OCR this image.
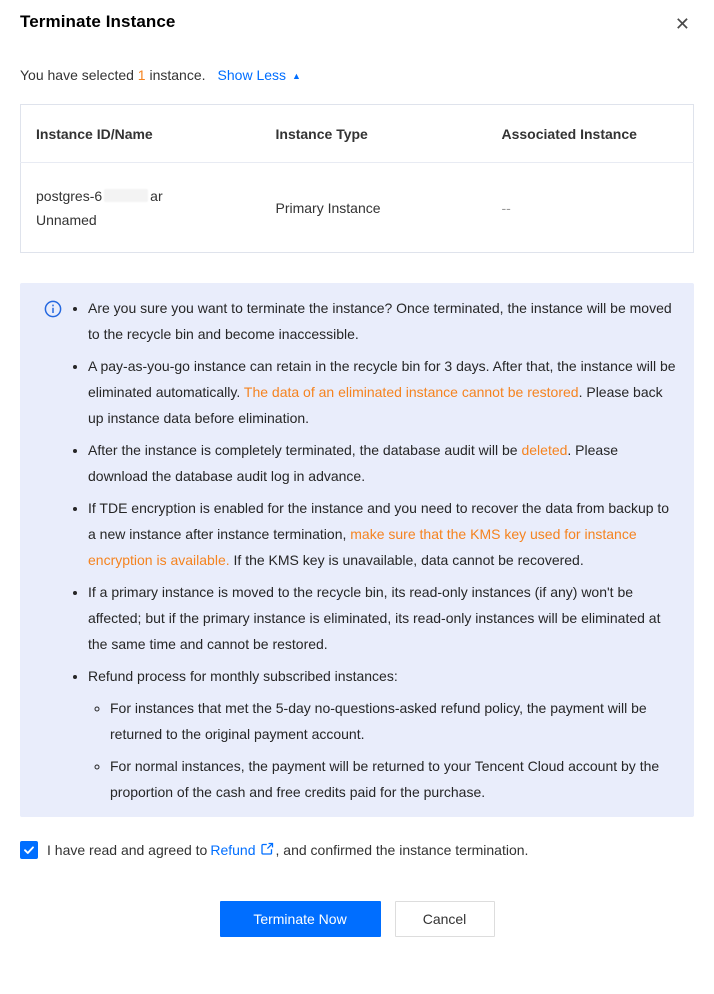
Terminate Instance	✕
You have selected 1 instance. Show Less ▲
Instance ID/Name	Instance Type	Associated Instance
postgres-6 ar
Unnamed	Primary Instance	--
• Are you sure you want to terminate the instance? Once terminated, the instance will be moved to the recycle bin and become inaccessible.
• A pay-as-you-go instance can retain in the recycle bin for 3 days. After that, the instance will be eliminated automatically. The data of an eliminated instance cannot be restored. Please back up instance data before elimination.
• After the instance is completely terminated, the database audit will be deleted. Please download the database audit log in advance.
• If TDE encryption is enabled for the instance and you need to recover the data from backup to a new instance after instance termination, make sure that the KMS key used for instance encryption is available. If the KMS key is unavailable, data cannot be recovered.
• If a primary instance is moved to the recycle bin, its read-only instances (if any) won't be affected; but if the primary instance is eliminated, its read-only instances will be eliminated at the same time and cannot be restored.
• Refund process for monthly subscribed instances:
◦ For instances that met the 5-day no-questions-asked refund policy, the payment will be returned to the original payment account.
◦ For normal instances, the payment will be returned to your Tencent Cloud account by the proportion of the cash and free credits paid for the purchase.
I have read and agreed to Refund , and confirmed the instance termination.
Terminate Now	Cancel
